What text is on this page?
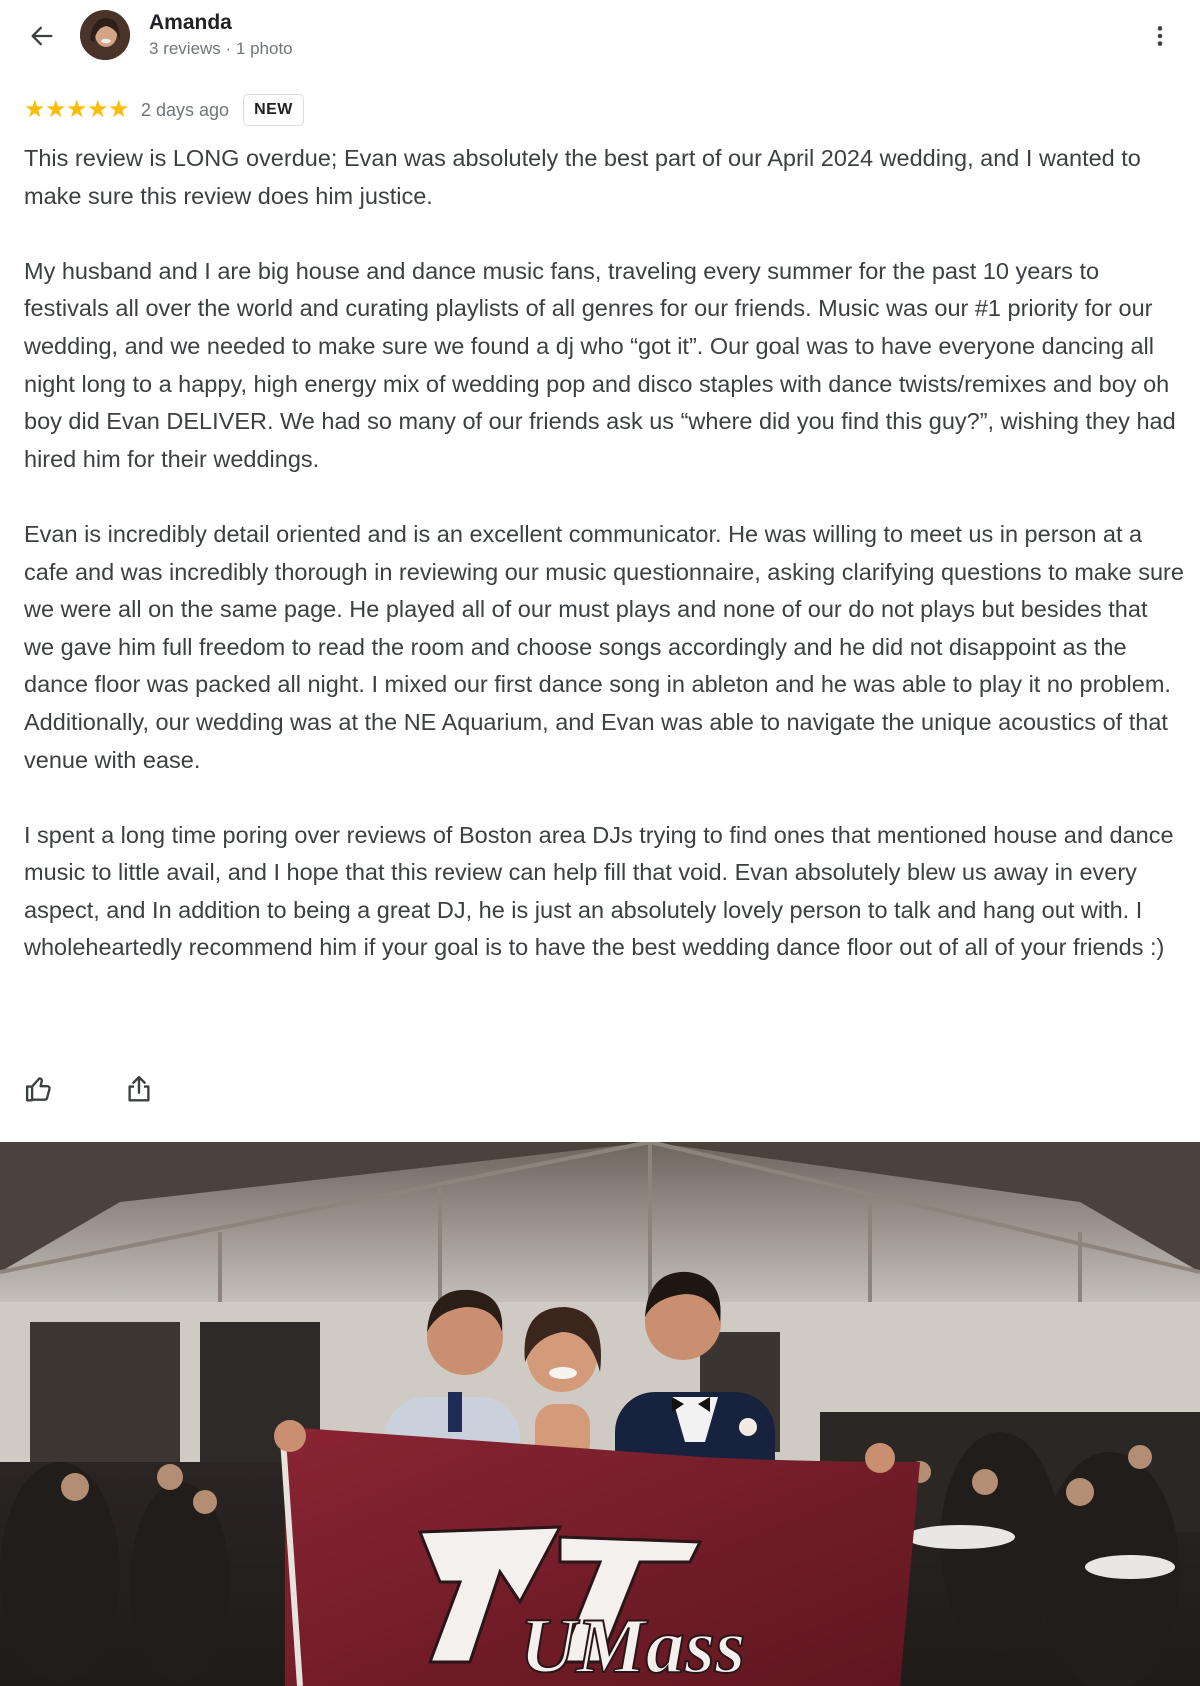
Amanda
3 reviews · 1 photo
★ ★ ★ ★ ★ 2 days ago	NEW

This review is LONG overdue; Evan was absolutely the best part of our April 2024 wedding, and I wanted to make sure this review does him justice.

My husband and I are big house and dance music fans, traveling every summer for the past 10 years to festivals all over the world and curating playlists of all genres for our friends. Music was our #1 priority for our wedding, and we needed to make sure we found a dj who “got it”. Our goal was to have everyone dancing all night long to a happy, high energy mix of wedding pop and disco staples with dance twists/remixes and boy oh boy did Evan DELIVER. We had so many of our friends ask us “where did you find this guy?”, wishing they had hired him for their weddings.

Evan is incredibly detail oriented and is an excellent communicator. He was willing to meet us in person at a cafe and was incredibly thorough in reviewing our music questionnaire, asking clarifying questions to make sure we were all on the same page. He played all of our must plays and none of our do not plays but besides that we gave him full freedom to read the room and choose songs accordingly and he did not disappoint as the dance floor was packed all night. I mixed our first dance song in ableton and he was able to play it no problem.

Additionally, our wedding was at the NE Aquarium, and Evan was able to navigate the unique acoustics of that venue with ease.

I spent a long time poring over reviews of Boston area DJs trying to find ones that mentioned house and dance music to little avail, and I hope that this review can help fill that void. Evan absolutely blew us away in every aspect, and In addition to being a great DJ, he is just an absolutely lovely person to talk and hang out with. I wholeheartedly recommend him if your goal is to have the best wedding dance floor out of all of your friends :)

UMass
